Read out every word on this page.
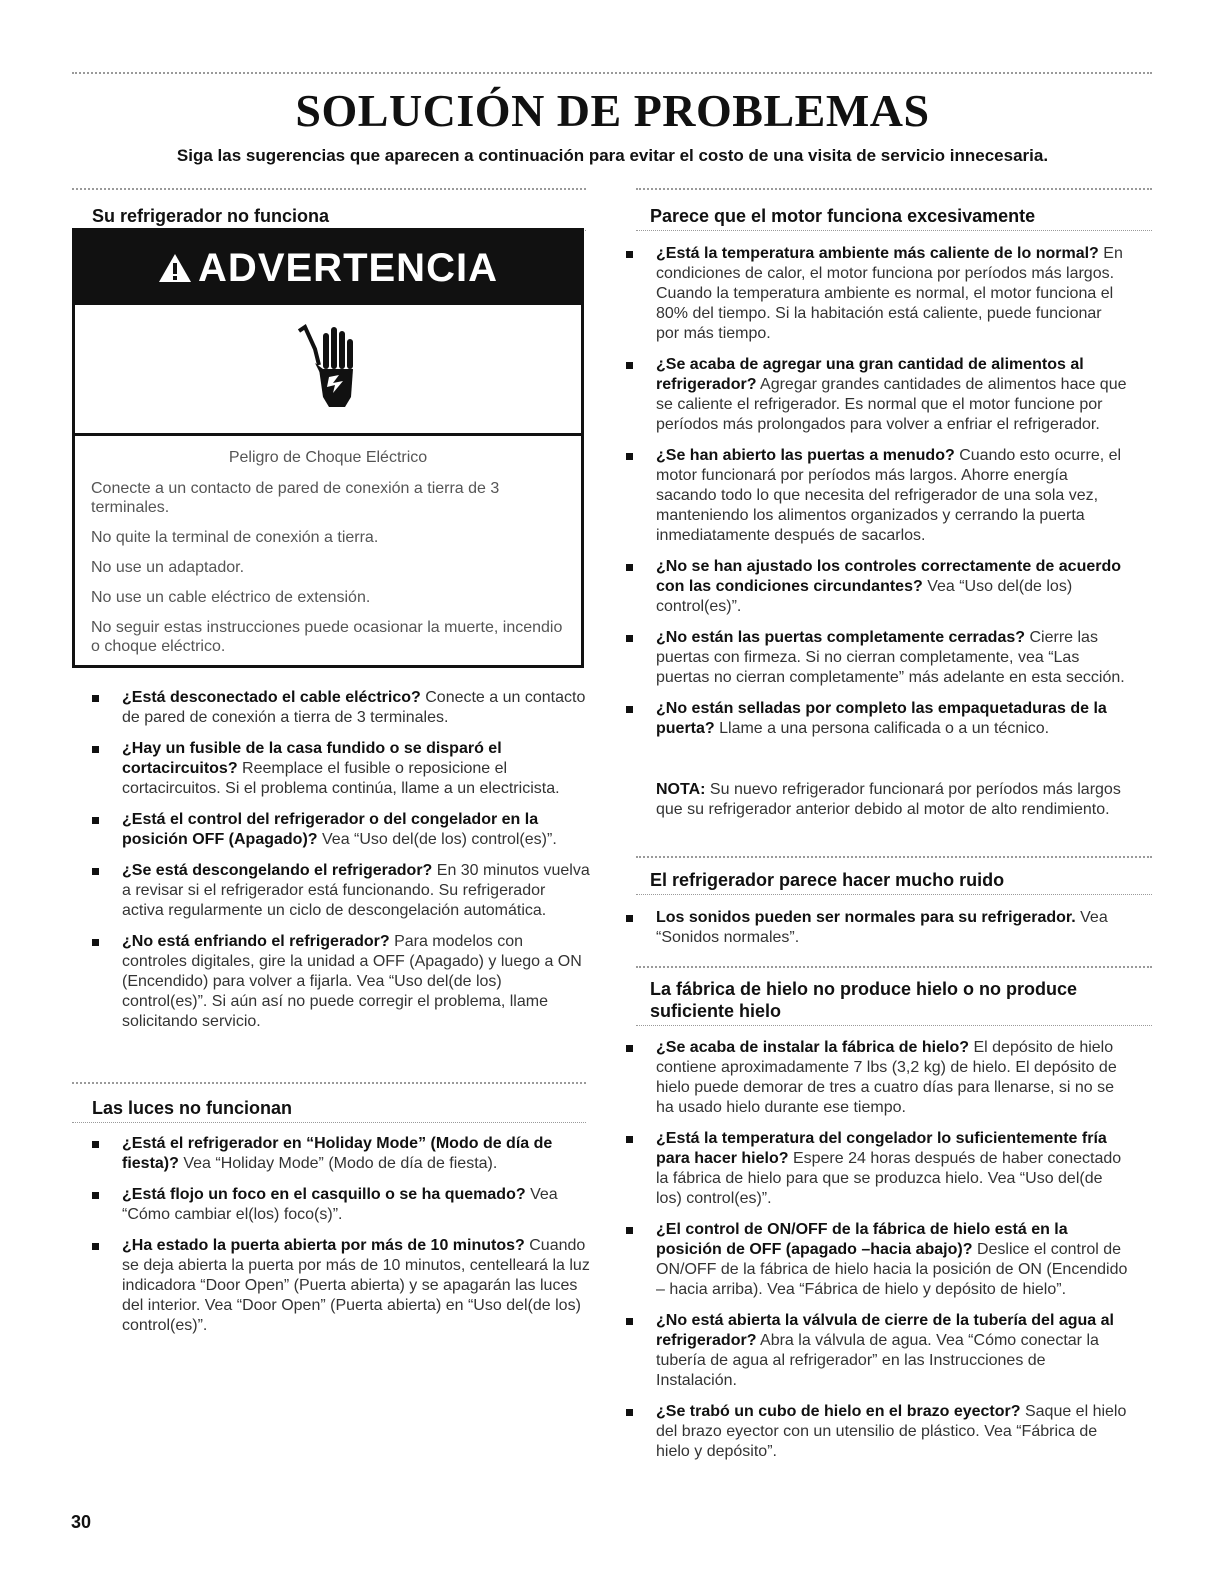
SOLUCIÓN DE PROBLEMAS

Siga las sugerencias que aparecen a continuación para evitar el costo de una visita de servicio innecesaria.

Su refrigerador no funciona
ADVERTENCIA

Peligro de Choque Eléctrico

Conecte a un contacto de pared de conexión a tierra de 3 terminales.

No quite la terminal de conexión a tierra.

No use un adaptador.

No use un cable eléctrico de extensión.

No seguir estas instrucciones puede ocasionar la muerte, incendio o choque eléctrico.

¿Está desconectado el cable eléctrico? Conecte a un contacto de pared de conexión a tierra de 3 terminales.
¿Hay un fusible de la casa fundido o se disparó el cortacircuitos? Reemplace el fusible o reposicione el cortacircuitos. Si el problema continúa, llame a un electricista.
¿Está el control del refrigerador o del congelador en la posición OFF (Apagado)? Vea “Uso del(de los) control(es)”.
¿Se está descongelando el refrigerador? En 30 minutos vuelva a revisar si el refrigerador está funcionando. Su refrigerador activa regularmente un ciclo de descongelación automática.
¿No está enfriando el refrigerador? Para modelos con controles digitales, gire la unidad a OFF (Apagado) y luego a ON (Encendido) para volver a fijarla. Vea “Uso del(de los) control(es)”. Si aún así no puede corregir el problema, llame solicitando servicio.
Las luces no funcionan
¿Está el refrigerador en “Holiday Mode” (Modo de día de fiesta)? Vea “Holiday Mode” (Modo de día de fiesta).
¿Está flojo un foco en el casquillo o se ha quemado? Vea “Cómo cambiar el(los) foco(s)”.
¿Ha estado la puerta abierta por más de 10 minutos? Cuando se deja abierta la puerta por más de 10 minutos, centelleará la luz indicadora “Door Open” (Puerta abierta) y se apagarán las luces del interior. Vea “Door Open” (Puerta abierta) en “Uso del(de los) control(es)”.
Parece que el motor funciona excesivamente
¿Está la temperatura ambiente más caliente de lo normal? En condiciones de calor, el motor funciona por períodos más largos. Cuando la temperatura ambiente es normal, el motor funciona el 80% del tiempo. Si la habitación está caliente, puede funcionar por más tiempo.
¿Se acaba de agregar una gran cantidad de alimentos al refrigerador? Agregar grandes cantidades de alimentos hace que se caliente el refrigerador. Es normal que el motor funcione por períodos más prolongados para volver a enfriar el refrigerador.
¿Se han abierto las puertas a menudo? Cuando esto ocurre, el motor funcionará por períodos más largos. Ahorre energía sacando todo lo que necesita del refrigerador de una sola vez, manteniendo los alimentos organizados y cerrando la puerta inmediatamente después de sacarlos.
¿No se han ajustado los controles correctamente de acuerdo con las condiciones circundantes? Vea “Uso del(de los) control(es)”.
¿No están las puertas completamente cerradas? Cierre las puertas con firmeza. Si no cierran completamente, vea “Las puertas no cierran completamente” más adelante en esta sección.
¿No están selladas por completo las empaquetaduras de la puerta? Llame a una persona calificada o a un técnico.

NOTA: Su nuevo refrigerador funcionará por períodos más largos que su refrigerador anterior debido al motor de alto rendimiento.

El refrigerador parece hacer mucho ruido
Los sonidos pueden ser normales para su refrigerador. Vea “Sonidos normales”.
La fábrica de hielo no produce hielo o no produce
suficiente hielo
¿Se acaba de instalar la fábrica de hielo? El depósito de hielo contiene aproximadamente 7 lbs (3,2 kg) de hielo. El depósito de hielo puede demorar de tres a cuatro días para llenarse, si no se ha usado hielo durante ese tiempo.
¿Está la temperatura del congelador lo suficientemente fría para hacer hielo? Espere 24 horas después de haber conectado la fábrica de hielo para que se produzca hielo. Vea “Uso del(de los) control(es)”.
¿El control de ON/OFF de la fábrica de hielo está en la posición de OFF (apagado –hacia abajo)? Deslice el control de ON/OFF de la fábrica de hielo hacia la posición de ON (Encendido – hacia arriba). Vea “Fábrica de hielo y depósito de hielo”.
¿No está abierta la válvula de cierre de la tubería del agua al refrigerador? Abra la válvula de agua. Vea “Cómo conectar la tubería de agua al refrigerador” en las Instrucciones de Instalación.
¿Se trabó un cubo de hielo en el brazo eyector? Saque el hielo del brazo eyector con un utensilio de plástico. Vea “Fábrica de hielo y depósito”.

30
